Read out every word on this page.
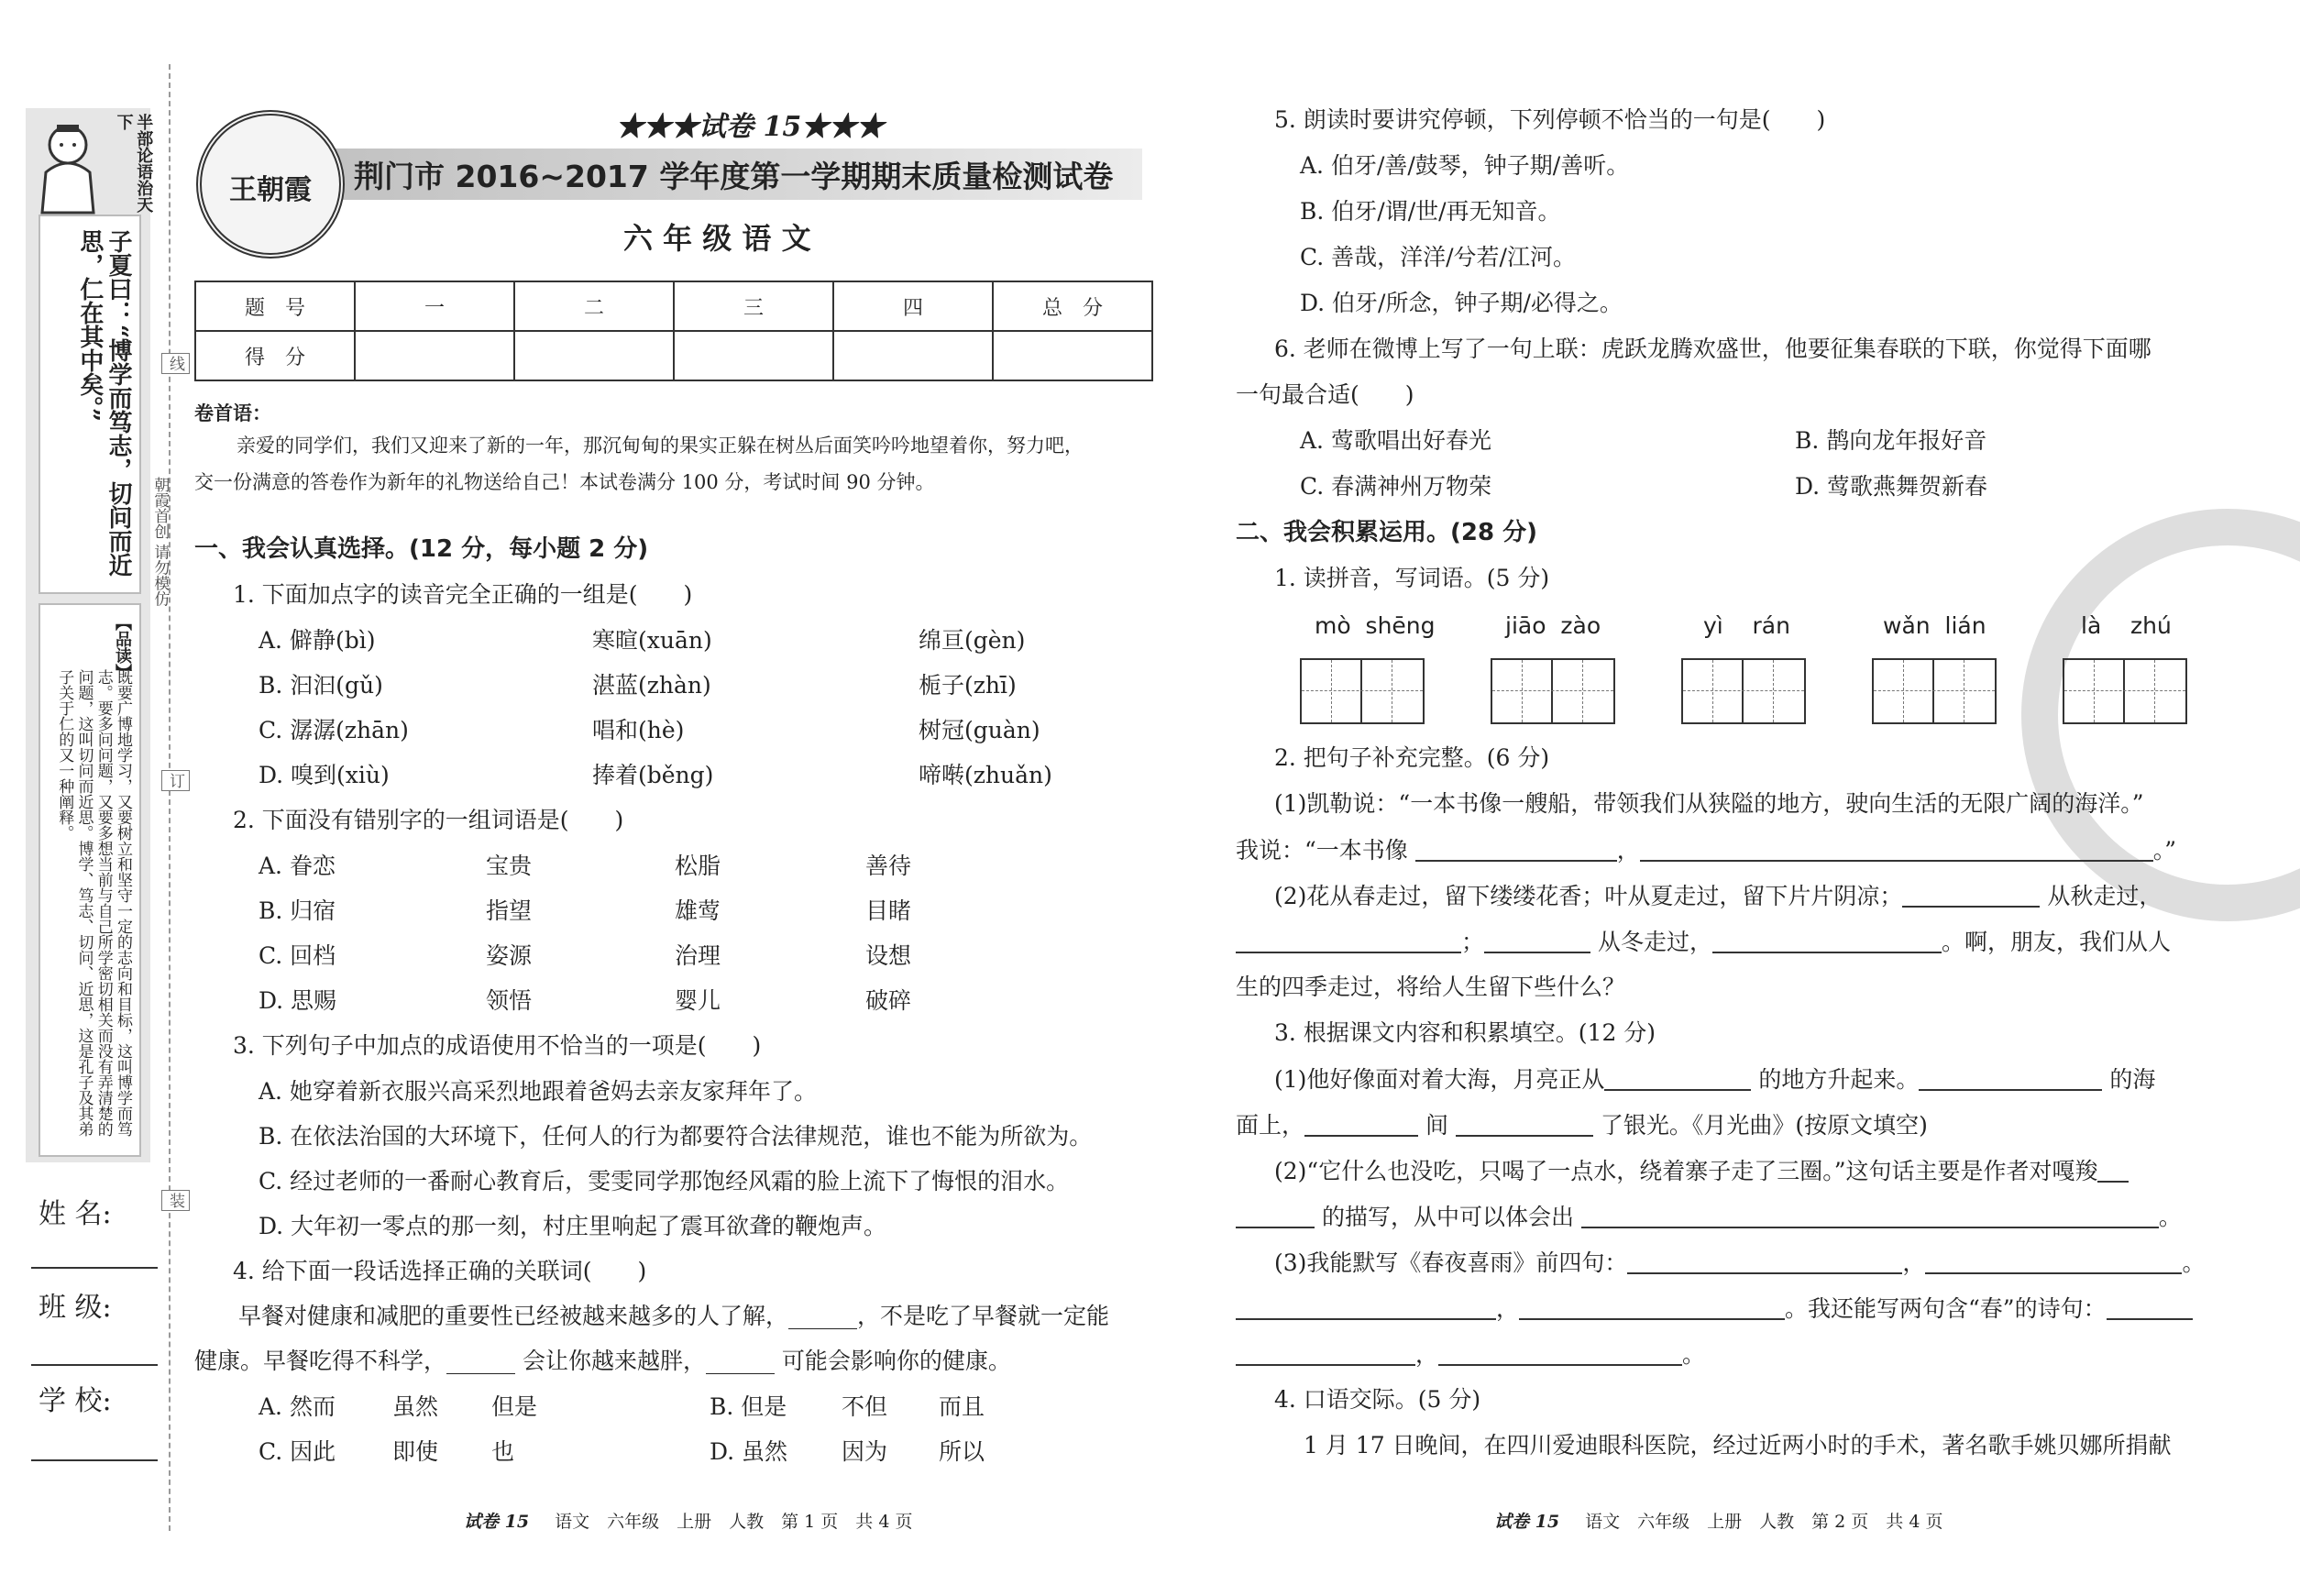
半部论语治天下
子夏曰：“博学而笃志，切问而近思，仁在其中矣。”
【品读】
既要广博地学习，又要树立和坚守一定的志向和目标，这叫博学而笃志。要多问问题，又要多想当前与自己所学密切相关而没有弄清楚的问题，这叫切问而近思。博学、笃志、切问、近思，这是孔子及其弟子关于仁的又一种阐释。
朝霞首创 请勿模仿
姓 名:
班 级:
学 校:
线
订
装
王朝霞
★★★试卷 15★★★
荆门市 2016~2017 学年度第一学期期末质量检测试卷
六 年 级 语 文
题　号	一	二	三	四	总　分
得　分					
卷首语：
亲爱的同学们，我们又迎来了新的一年，那沉甸甸的果实正躲在树丛后面笑吟吟地望着你，努力吧，
交一份满意的答卷作为新年的礼物送给自己！本试卷满分 100 分，考试时间 90 分钟。
一、我会认真选择。(12 分，每小题 2 分)
1. 下面加点字的读音完全正确的一组是(　　)
A. 僻静(bì)	寒暄(xuān)	绵亘(gèn)
B. 汩汩(gǔ)	湛蓝(zhàn)	栀子(zhī)
C. 潺潺(zhān)	唱和(hè)	树冠(guàn)
D. 嗅到(xiù)	捧着(běng)	啼啭(zhuǎn)
2. 下面没有错别字的一组词语是(　　)
A. 眷恋	宝贵	松脂	善待
B. 归宿	指望	雄莺	目睹
C. 回档	姿源	治理	设想
D. 思赐	领悟	婴儿	破碎
3. 下列句子中加点的成语使用不恰当的一项是(　　)
A. 她穿着新衣服兴高采烈地跟着爸妈去亲友家拜年了。
B. 在依法治国的大环境下，任何人的行为都要符合法律规范，谁也不能为所欲为。
C. 经过老师的一番耐心教育后，雯雯同学那饱经风霜的脸上流下了悔恨的泪水。
D. 大年初一零点的那一刻，村庄里响起了震耳欲聋的鞭炮声。
4. 给下面一段话选择正确的关联词(　　)
早餐对健康和减肥的重要性已经被越来越多的人了解，______，不是吃了早餐就一定能
健康。早餐吃得不科学，______ 会让你越来越胖，______ 可能会影响你的健康。
A. 然而 虽然 但是	B. 但是 不但 而且
C. 因此 即使 也	D. 虽然 因为 所以
试卷 15 语文　六年级　上册　人教　第 1 页　共 4 页
5. 朗读时要讲究停顿，下列停顿不恰当的一句是(　　)
A. 伯牙/善/鼓琴，钟子期/善听。
B. 伯牙/谓/世/再无知音。
C. 善哉，洋洋/兮若/江河。
D. 伯牙/所念，钟子期/必得之。
6. 老师在微博上写了一句上联：虎跃龙腾欢盛世，他要征集春联的下联，你觉得下面哪
一句最合适(　　)
A. 莺歌唱出好春光	B. 鹊向龙年报好音
C. 春满神州万物荣	D. 莺歌燕舞贺新春
二、我会积累运用。(28 分)
1. 读拼音，写词语。(5 分)
mò  shēng	jiāo  zào	yì    rán	wǎn  lián	là    zhú
2. 把句子补充完整。(6 分)
(1)凯勒说：“一本书像一艘船，带领我们从狭隘的地方，驶向生活的无限广阔的海洋。”
我说：“一本书像	，	。”
(2)花从春走过，留下缕缕花香；叶从夏走过，留下片片阴凉；	从秋走过，
；	从冬走过，	。啊，朋友，我们从人
生的四季走过，将给人生留下些什么？
3. 根据课文内容和积累填空。(12 分)
(1)他好像面对着大海，月亮正从	的地方升起来。	的海
面上，	间	了银光。《月光曲》(按原文填空)
(2)“它什么也没吃，只喝了一点水，绕着寨子走了三圈。”这句话主要是作者对嘎羧
的描写，从中可以体会出	。
(3)我能默写《春夜喜雨》前四句：	，	。
，	。我还能写两句含“春”的诗句：
，	。
4. 口语交际。(5 分)
1 月 17 日晚间，在四川爱迪眼科医院，经过近两小时的手术，著名歌手姚贝娜所捐献
试卷 15 语文　六年级　上册　人教　第 2 页　共 4 页
